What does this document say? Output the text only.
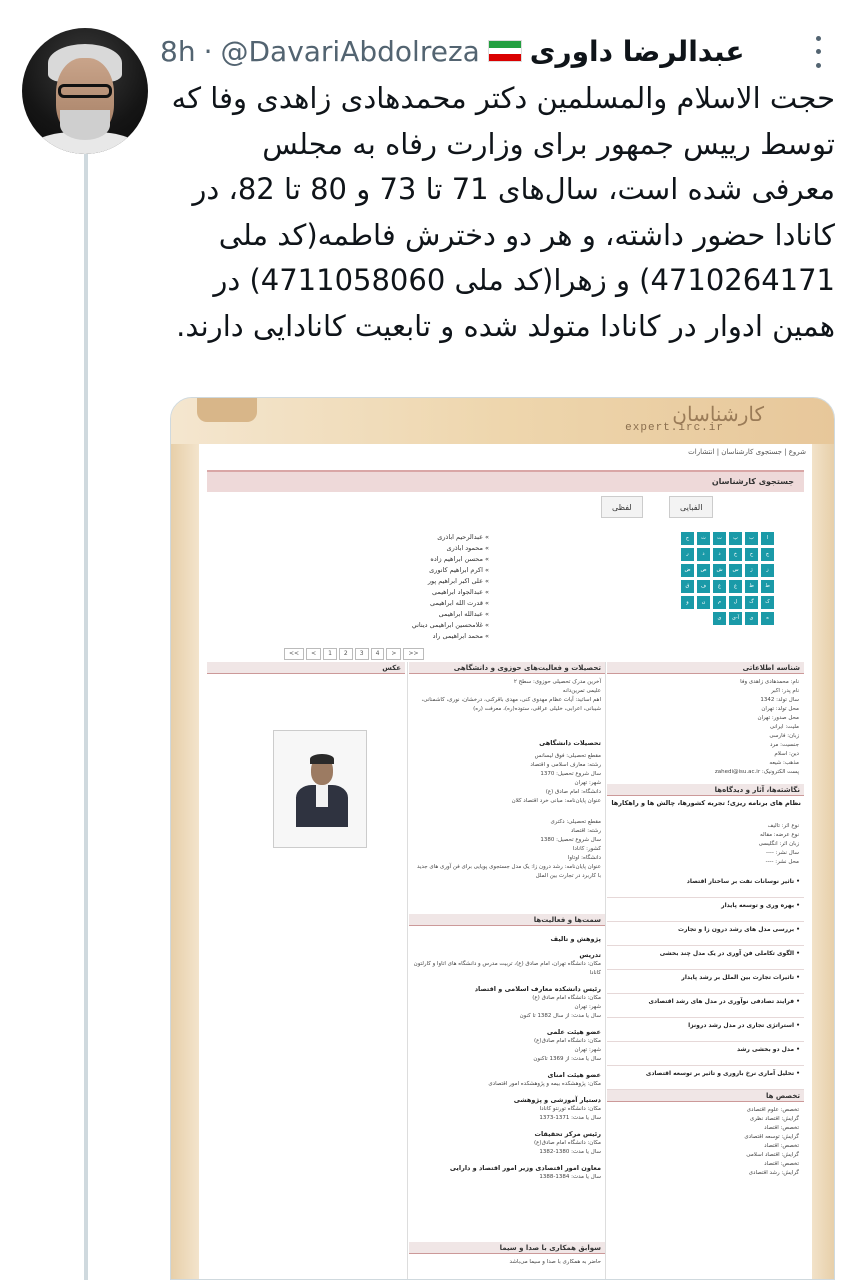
عبدالرضا داوری
@DavariAbdolreza
·
8h
حجت الاسلام والمسلمین دکتر محمدهادی زاهدی وفا که توسط رییس جمهور برای وزارت رفاه به مجلس معرفی شده است، سال‌های 71 تا 73 و 80 تا 82، در کانادا حضور داشته، و هر دو دخترش فاطمه(کد ملی 4710264171) و زهرا(کد ملی 4711058060) در همین ادوار در کانادا متولد شده و تابعیت کانادایی دارند.
کارشناسان
expert.irc.ir
شروع | جستجوی کارشناسان | انتشارات
جستجوی کارشناسان
الفبایی
لفظی
ا
ب
پ
ت
ث
ج
چ
ح
خ
د
ذ
ر
ز
ژ
س
ش
ص
ض
ط
ظ
ع
غ
ف
ق
ک
گ
ل
م
ن
و
ه
ی
آ-ی
ی
» عبدالرحیم اباذری
» محمود اباذری
» محسن ابراهیم زاده
» اکرم ابراهیم کانوری
» علی اکبر ابراهیم پور
» عبدالجواد ابراهیمی
» قدرت الله ابراهیمی
» عبدالله ابراهیمی
» غلامحسین ابراهیمی دیناني
» محمد ابراهیمی راد
<<	<	1	2	3	4	>	>>
شناسه اطلاعاتی
تحصیلات و فعالیت‌های حوزوی و دانشگاهی
عکس
نام: محمدهادی زاهدی وفا
نام پدر: اکبر
سال تولد: 1342
محل تولد: تهران
محل صدور: تهران
ملیت: ایرانی
زبان: فارسی
جنسیت: مرد
دین: اسلام
مذهب: شیعه
پست الکترونیک: zahedi@isu.ac.ir
نگاشته‌ها، آثار و دیدگاه‌ها
نظام های برنامه ریزی؛ تجربه کشورها، چالش ها و راهکارها
نوع اثر: تالیف
نوع عرضه: مقاله
زبان اثر: انگلیسی
سال نشر: ----
محل نشر: ----
• تاثیر نوسانات نفت بر ساختار اقتصاد
• بهره وری و توسعه پایدار
• بررسی مدل های رشد درون زا و تجارت
• الگوی تکاملی فن آوری در یک مدل چند بخشی
• تاثیرات تجارت بین الملل بر رشد پایدار
• فرایند تصادفی نوآوری در مدل های رشد اقتصادی
• استراتژی تجاری در مدل رشد درونزا
• مدل دو بخشی رشد
• تحلیل آماری نرخ باروری و تاثیر بر توسعه اقتصادی
تخصص ها
تخصص: علوم اقتصادی
گرایش: اقتصاد نظری
تخصص: اقتصاد
گرایش: توسعه اقتصادی
تخصص: اقتصاد
گرایش: اقتصاد اسلامی
تخصص: اقتصاد
گرایش: رشد اقتصادی
آخرین مدرک تحصیلی حوزوی: سطح ۲
علیمی تمرین‌دانه
اهم اساتید: آیات عظام مهدوی کنی، مهدی باقرکنی، درخشان، نوری، کاشمنانی، شیبانی، اعرابی، خلیلی عراقی، ستوده(ره)، معرفت (ره)
تحصیلات دانشگاهی
مقطع تحصیلی: فوق لیسانس
رشته: معارف اسلامی و اقتصاد
سال شروع تحصیل: 1370
شهر: تهران
دانشگاه: امام صادق (ع)
عنوان پایان‌نامه: مبانی خرد اقتصاد کلان
مقطع تحصیلی: دکتری
رشته: اقتصاد
سال شروع تحصیل: 1380
کشور: کانادا
دانشگاه: اوتاوا
عنوان پایان‌نامه: رشد درون زا: یک مدل جستجوی پویایی برای فن آوری های جدید با کاربرد در تجارت بین الملل
سمت‌ها و فعالیت‌ها
پژوهش و تالیف
تدریس
مکان: دانشگاه تهران، امام صادق (ع)، تربیت مدرس و دانشگاه های اتاوا و کارلتون کانادا
رئیس دانشکده معارف اسلامی و اقتصاد
مکان: دانشگاه امام صادق (ع)
شهر: تهران
سال یا مدت: از سال 1382 تا کنون
عضو هیئت علمی
مکان: دانشگاه امام صادق(ع)
شهر: تهران
سال یا مدت: از 1369 تاکنون
عضو هیئت امنای
مکان: پژوهشکده بیمه و پژوهشکده امور اقتصادی
دستیار آموزشی و پژوهشی
مکان: دانشگاه تورنتو کانادا
سال یا مدت: 1371-1373
رئیس مرکز تحقیقات
مکان: دانشگاه امام صادق(ع)
سال یا مدت: 1380-1382
معاون امور اقتصادی وزیر امور اقتصاد و دارایی
سال یا مدت: 1384-1388
سوابق همکاری با صدا و سیما
حاضر به همکاری با صدا و سیما می‌باشد
